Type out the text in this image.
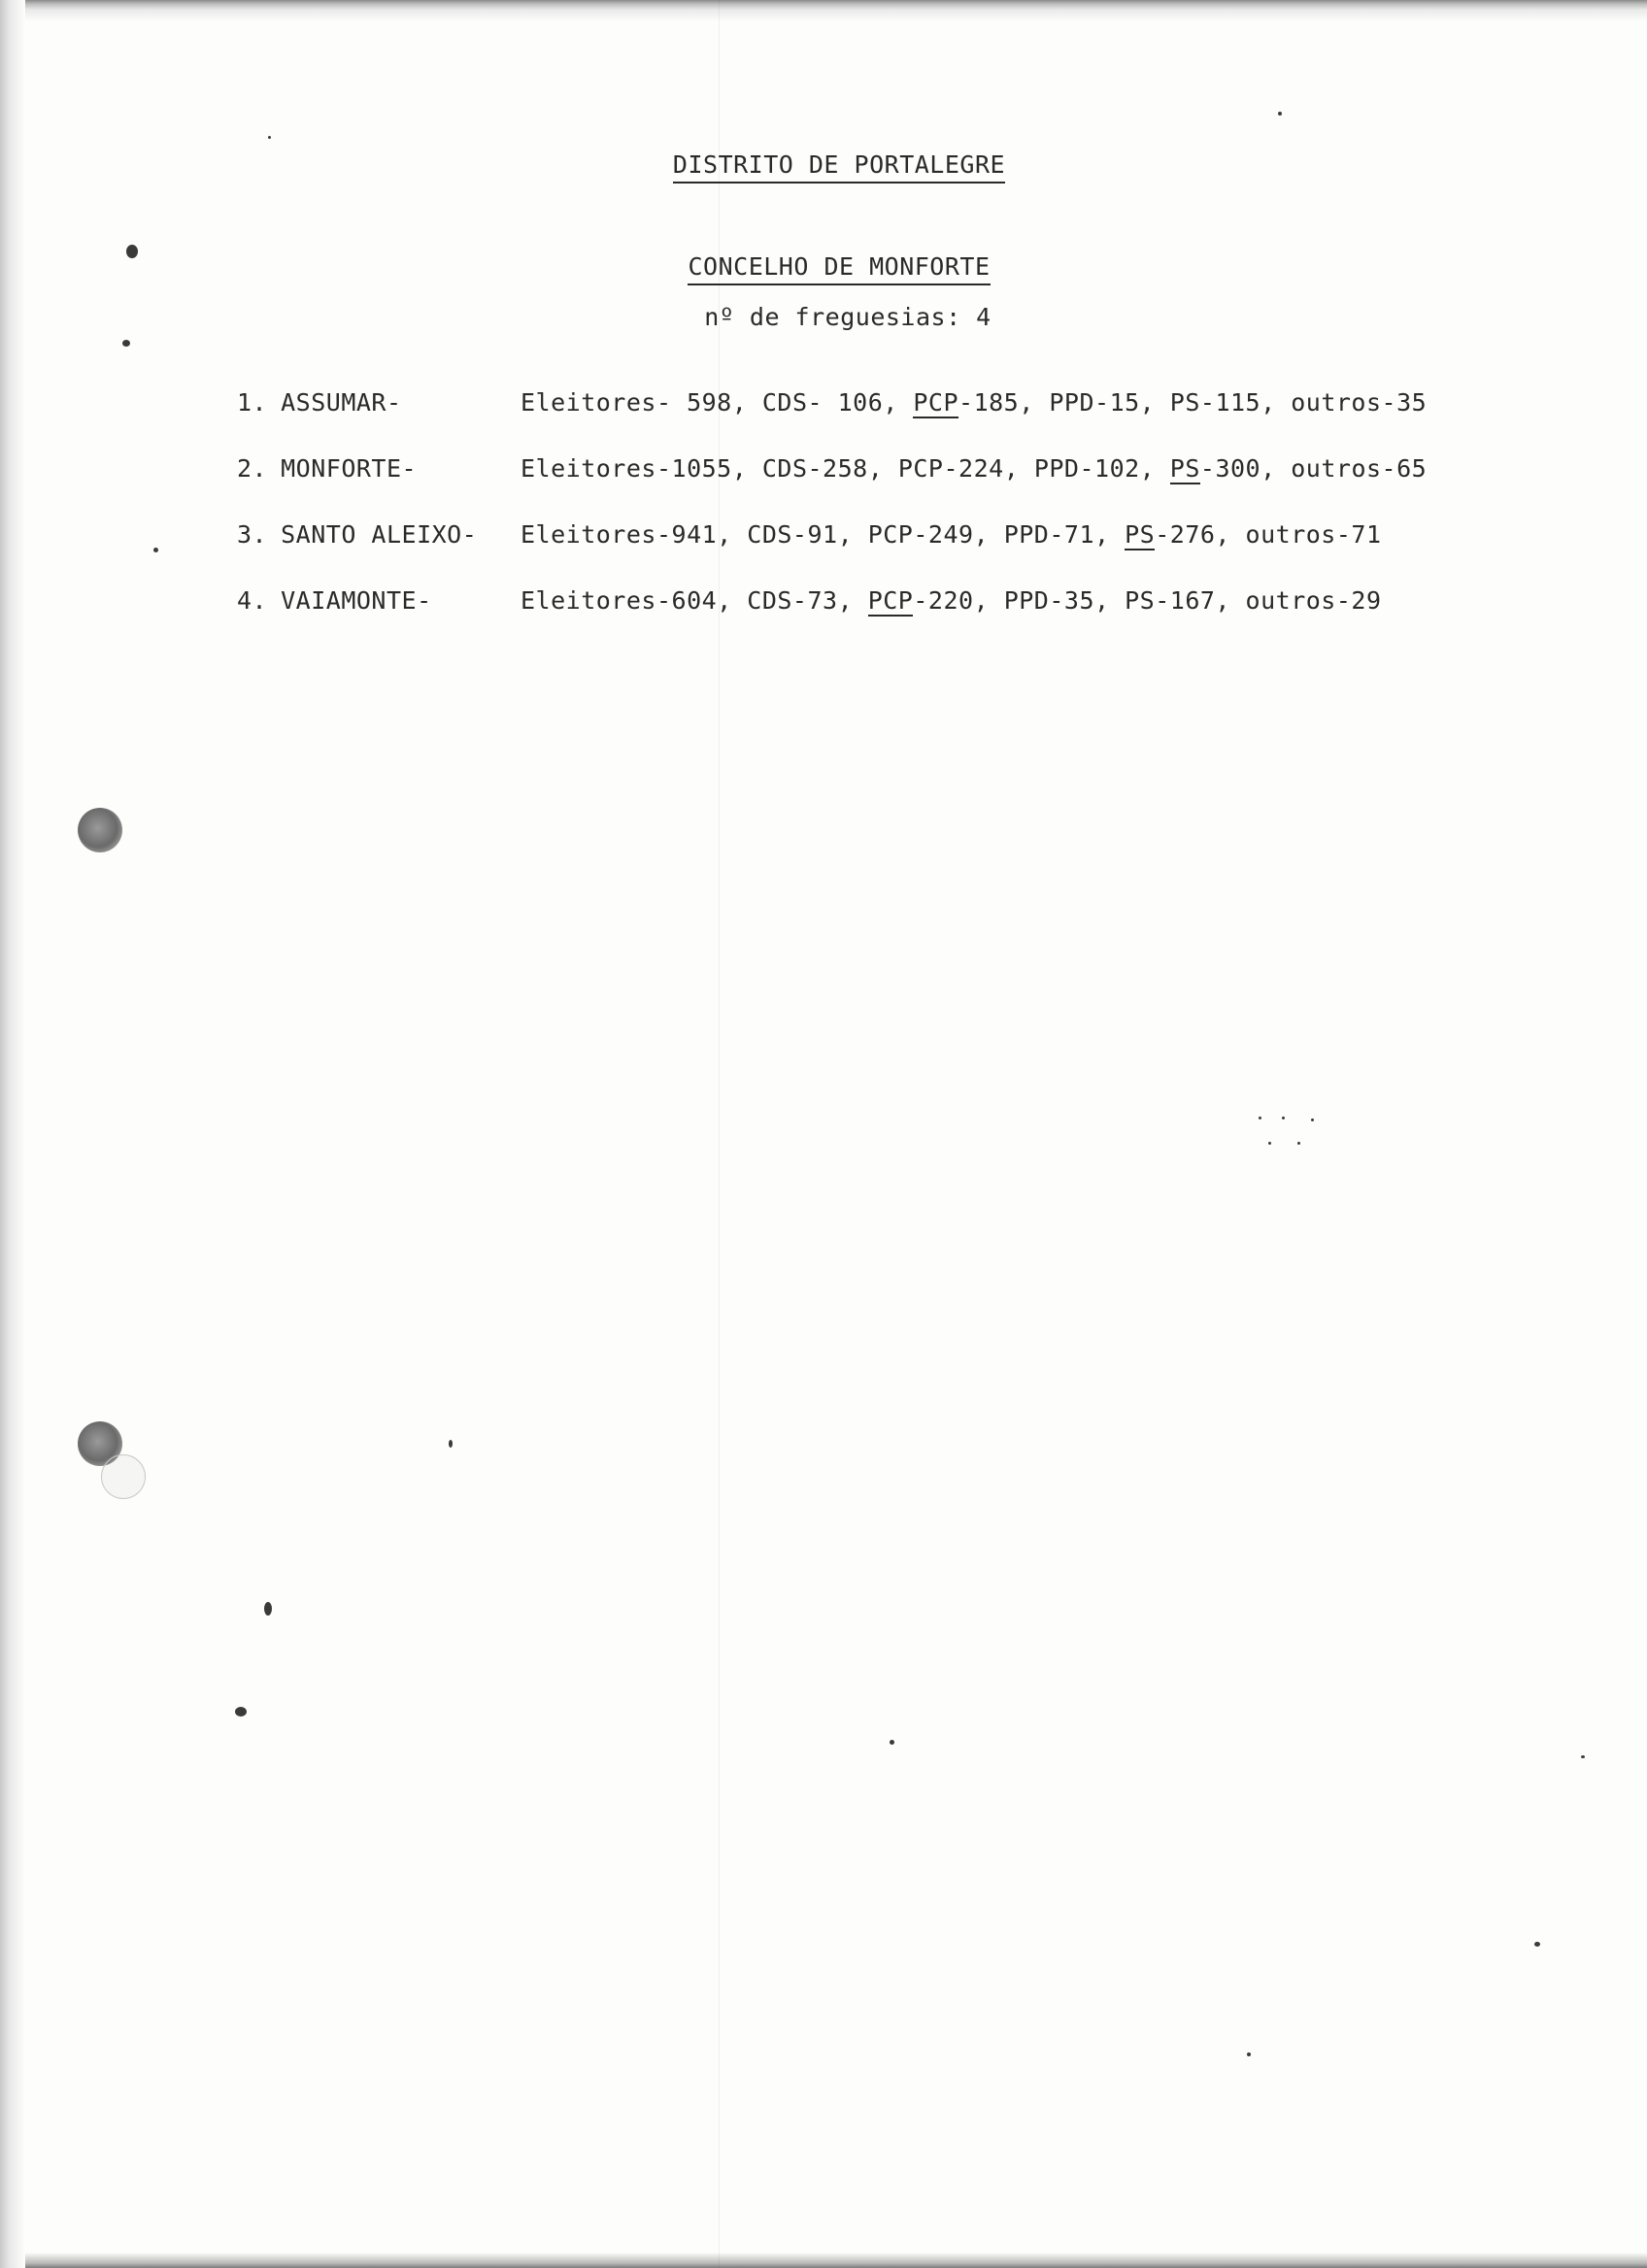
DISTRITO DE PORTALEGRE
CONCELHO DE MONFORTE
nº de freguesias: 4
1. ASSUMAR-	Eleitores- 598, CDS- 106, PCP-185, PPD-15, PS-115, outros-35
2. MONFORTE-	Eleitores-1055, CDS-258, PCP-224, PPD-102, PS-300, outros-65
3. SANTO ALEIXO-	Eleitores-941, CDS-91, PCP-249, PPD-71, PS-276, outros-71
4. VAIAMONTE-	Eleitores-604, CDS-73, PCP-220, PPD-35, PS-167, outros-29
